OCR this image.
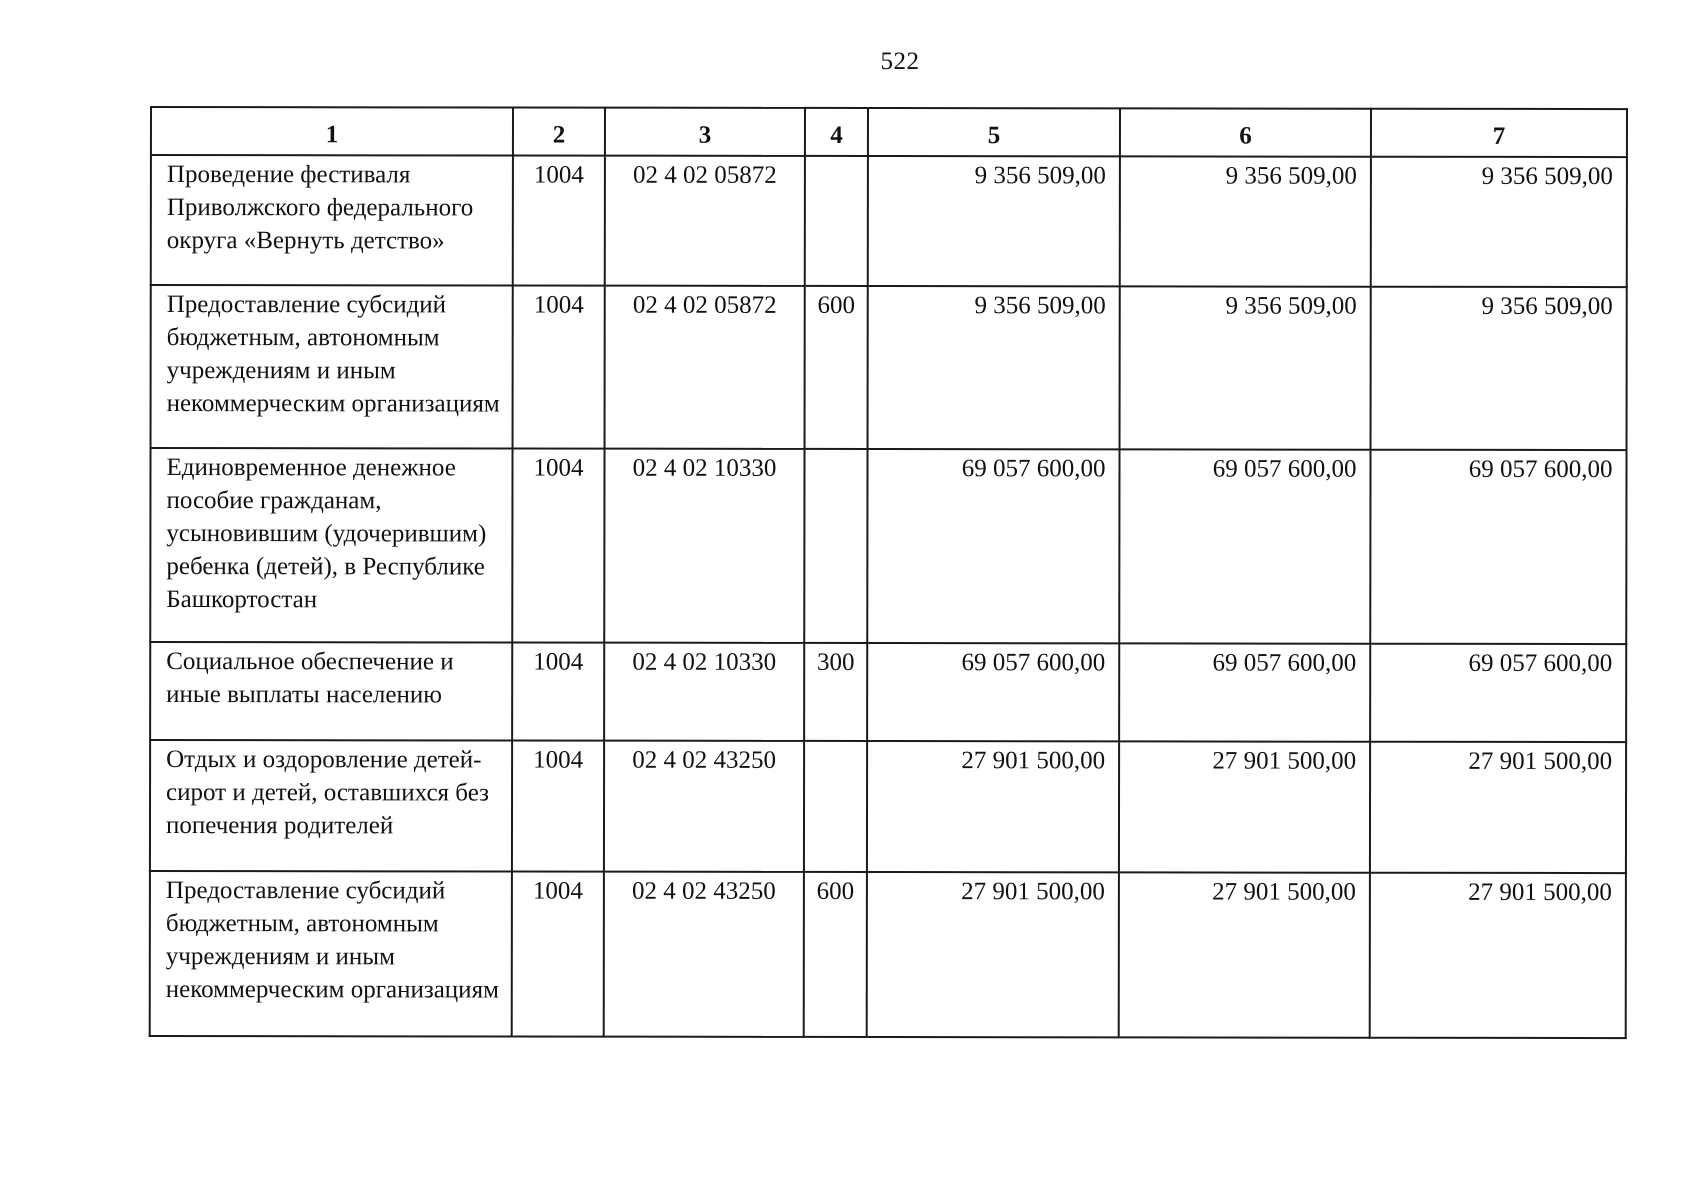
522
1	2	3	4	5	6	7
Проведение фестиваля Приволжского федерального округа «Вернуть детство»	1004	02 4 02 05872		9 356 509,00	9 356 509,00	9 356 509,00
Предоставление субсидий бюджетным, автономным учреждениям и иным некоммерческим организациям	1004	02 4 02 05872	600	9 356 509,00	9 356 509,00	9 356 509,00
Единовременное денежное пособие гражданам, усыновившим (удочерившим) ребенка (детей), в Республике Башкортостан	1004	02 4 02 10330		69 057 600,00	69 057 600,00	69 057 600,00
Социальное обеспечение и иные выплаты населению	1004	02 4 02 10330	300	69 057 600,00	69 057 600,00	69 057 600,00
Отдых и оздоровление детей-сирот и детей, оставшихся без попечения родителей	1004	02 4 02 43250		27 901 500,00	27 901 500,00	27 901 500,00
Предоставление субсидий бюджетным, автономным учреждениям и иным некоммерческим организациям	1004	02 4 02 43250	600	27 901 500,00	27 901 500,00	27 901 500,00
